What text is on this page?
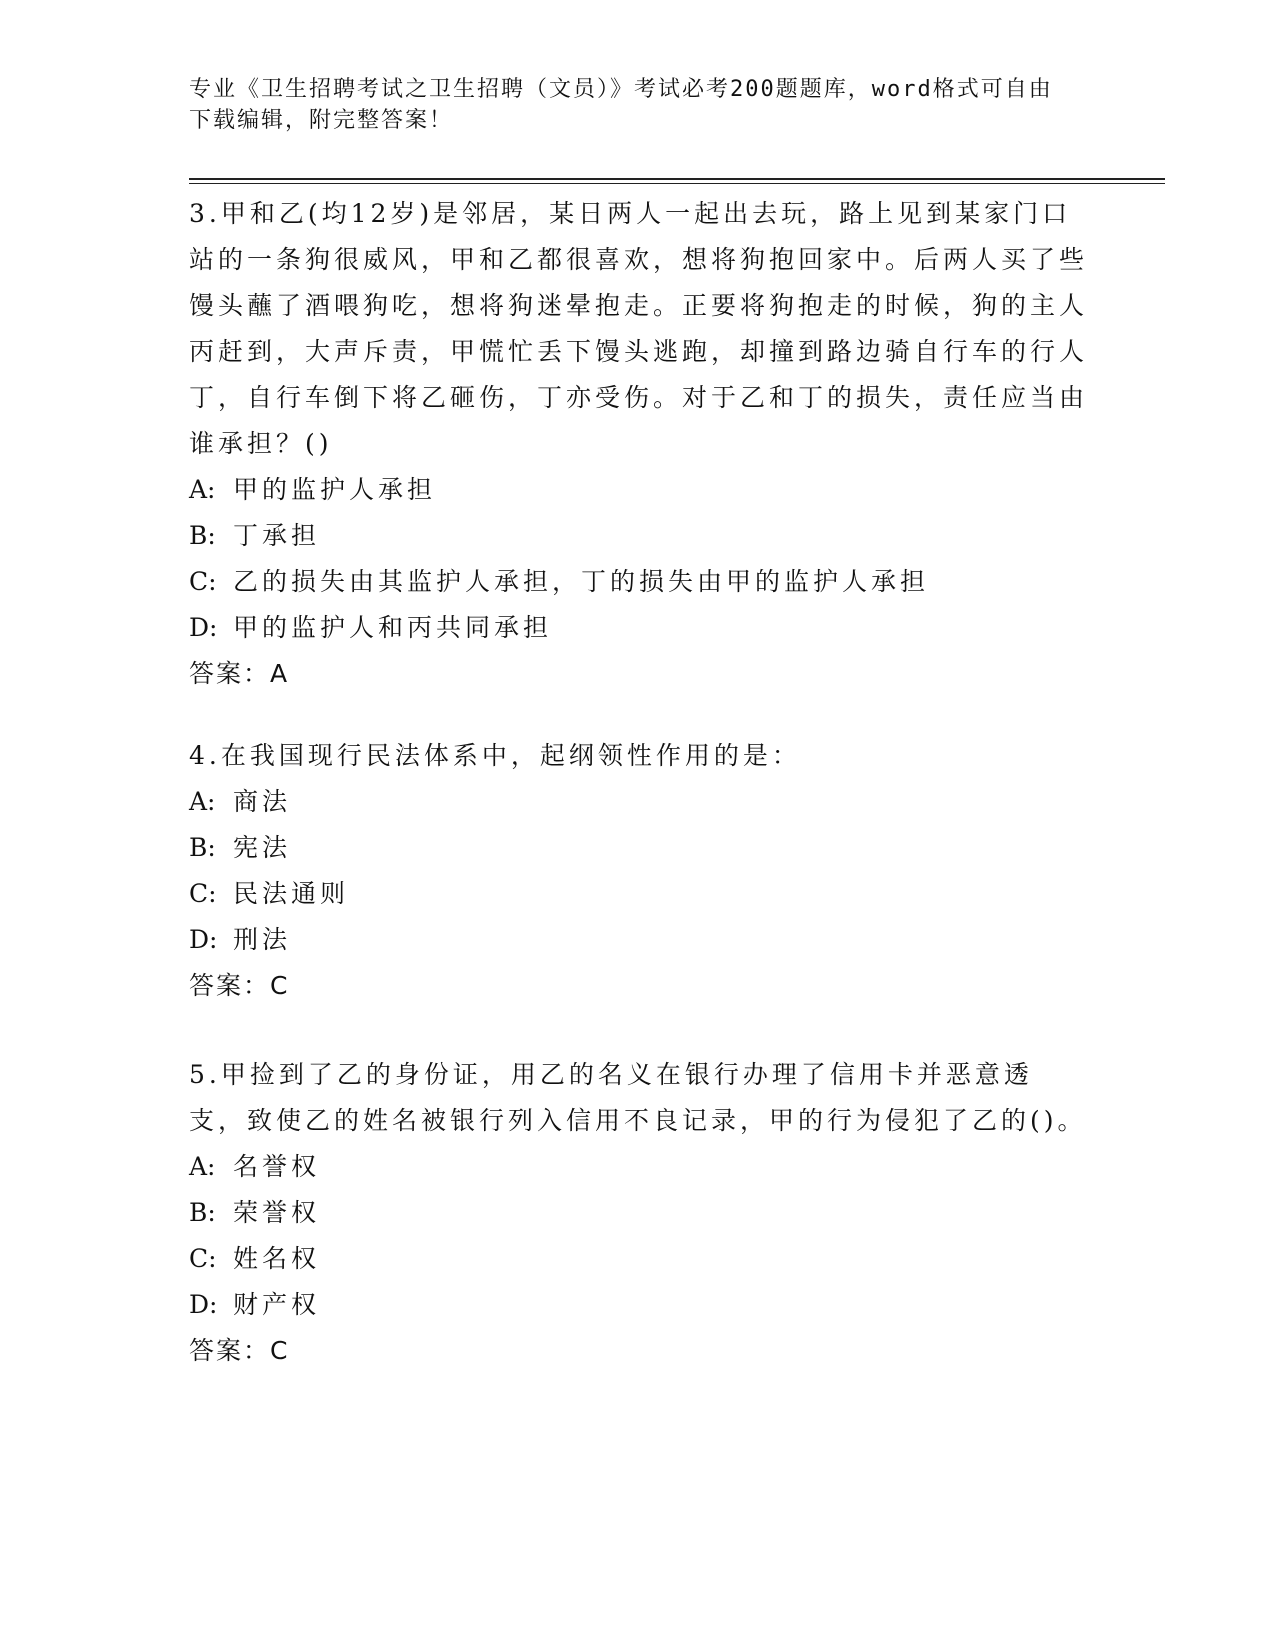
专业《卫生招聘考试之卫生招聘（文员）》考试必考200题题库，word格式可自由下载编辑，附完整答案！

3.甲和乙(均12岁)是邻居，某日两人一起出去玩，路上见到某家门口站的一条狗很威风，甲和乙都很喜欢，想将狗抱回家中。后两人买了些馒头蘸了酒喂狗吃，想将狗迷晕抱走。正要将狗抱走的时候，狗的主人丙赶到，大声斥责，甲慌忙丢下馒头逃跑，却撞到路边骑自行车的行人丁，自行车倒下将乙砸伤，丁亦受伤。对于乙和丁的损失，责任应当由谁承担？()

A: 甲的监护人承担

B: 丁承担

C: 乙的损失由其监护人承担，丁的损失由甲的监护人承担

D: 甲的监护人和丙共同承担

答案：A

4.在我国现行民法体系中，起纲领性作用的是：

A: 商法

B: 宪法

C: 民法通则

D: 刑法

答案：C

5.甲捡到了乙的身份证，用乙的名义在银行办理了信用卡并恶意透支，致使乙的姓名被银行列入信用不良记录，甲的行为侵犯了乙的()。

A: 名誉权

B: 荣誉权

C: 姓名权

D: 财产权

答案：C
